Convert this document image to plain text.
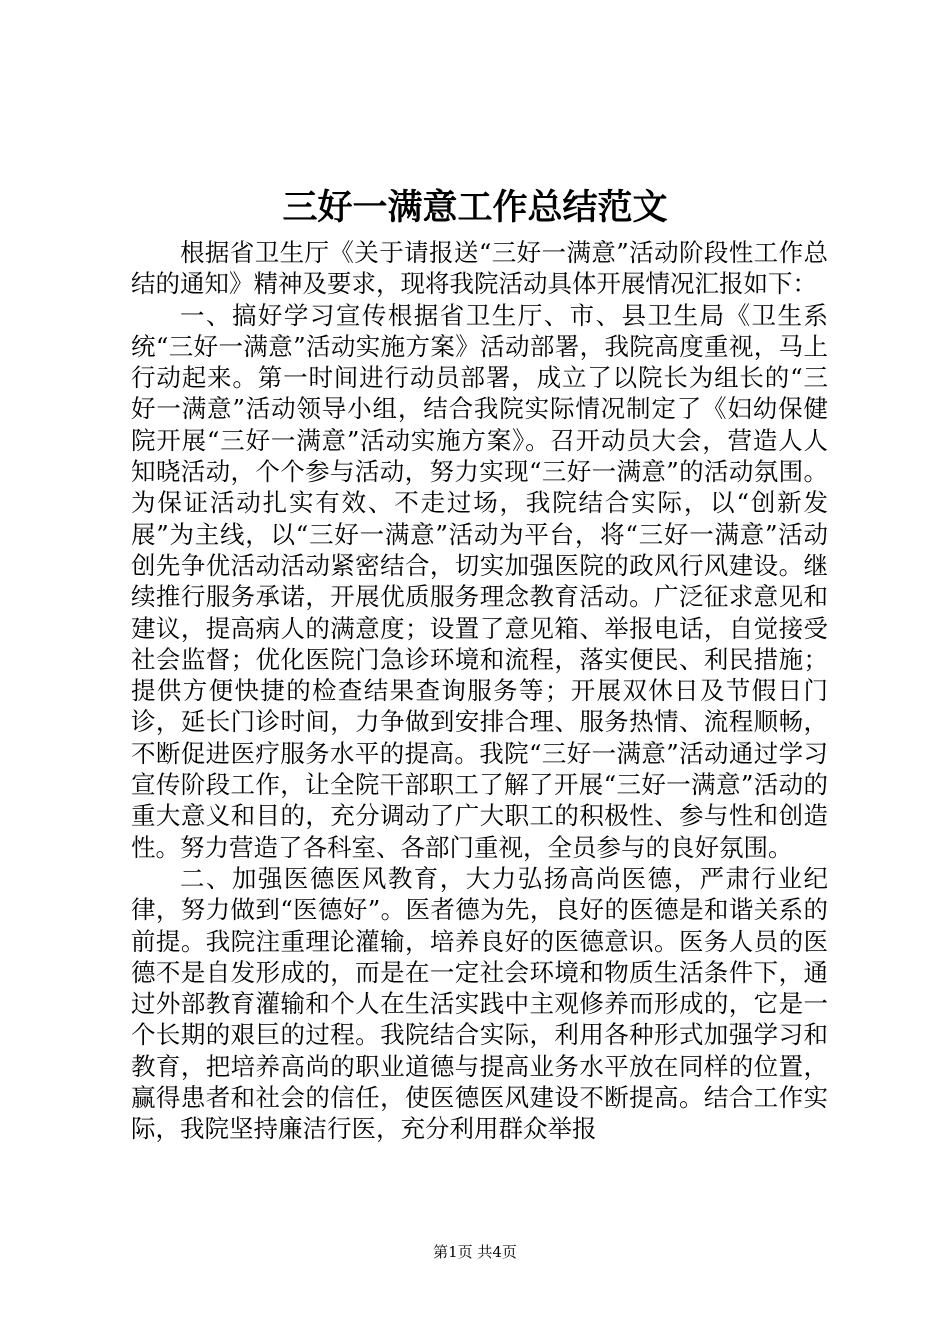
三好一满意工作总结范文

根据省卫生厅《关于请报送“三好一满意”活动阶段性工作总结的通知》精神及要求，现将我院活动具体开展情况汇报如下：

一、搞好学习宣传根据省卫生厅、市、县卫生局《卫生系统“三好一满意”活动实施方案》活动部署，我院高度重视，马上行动起来。第一时间进行动员部署，成立了以院长为组长的“三好一满意”活动领导小组，结合我院实际情况制定了《妇幼保健院开展“三好一满意”活动实施方案》。召开动员大会，营造人人知晓活动，个个参与活动，努力实现“三好一满意”的活动氛围。为保证活动扎实有效、不走过场，我院结合实际，以“创新发展”为主线，以“三好一满意”活动为平台，将“三好一满意”活动创先争优活动活动紧密结合，切实加强医院的政风行风建设。继续推行服务承诺，开展优质服务理念教育活动。广泛征求意见和建议，提高病人的满意度；设置了意见箱、举报电话，自觉接受社会监督；优化医院门急诊环境和流程，落实便民、利民措施；提供方便快捷的检查结果查询服务等；开展双休日及节假日门诊，延长门诊时间，力争做到安排合理、服务热情、流程顺畅，不断促进医疗服务水平的提高。我院“三好一满意”活动通过学习宣传阶段工作，让全院干部职工了解了开展“三好一满意”活动的重大意义和目的，充分调动了广大职工的积极性、参与性和创造性。努力营造了各科室、各部门重视，全员参与的良好氛围。

二、加强医德医风教育，大力弘扬高尚医德，严肃行业纪律，努力做到“医德好”。医者德为先，良好的医德是和谐关系的前提。我院注重理论灌输，培养良好的医德意识。医务人员的医德不是自发形成的，而是在一定社会环境和物质生活条件下，通过外部教育灌输和个人在生活实践中主观修养而形成的，它是一个长期的艰巨的过程。我院结合实际，利用各种形式加强学习和教育，把培养高尚的职业道德与提高业务水平放在同样的位置，赢得患者和社会的信任，使医德医风建设不断提高。结合工作实际，我院坚持廉洁行医，充分利用群众举报

第1页 共4页
